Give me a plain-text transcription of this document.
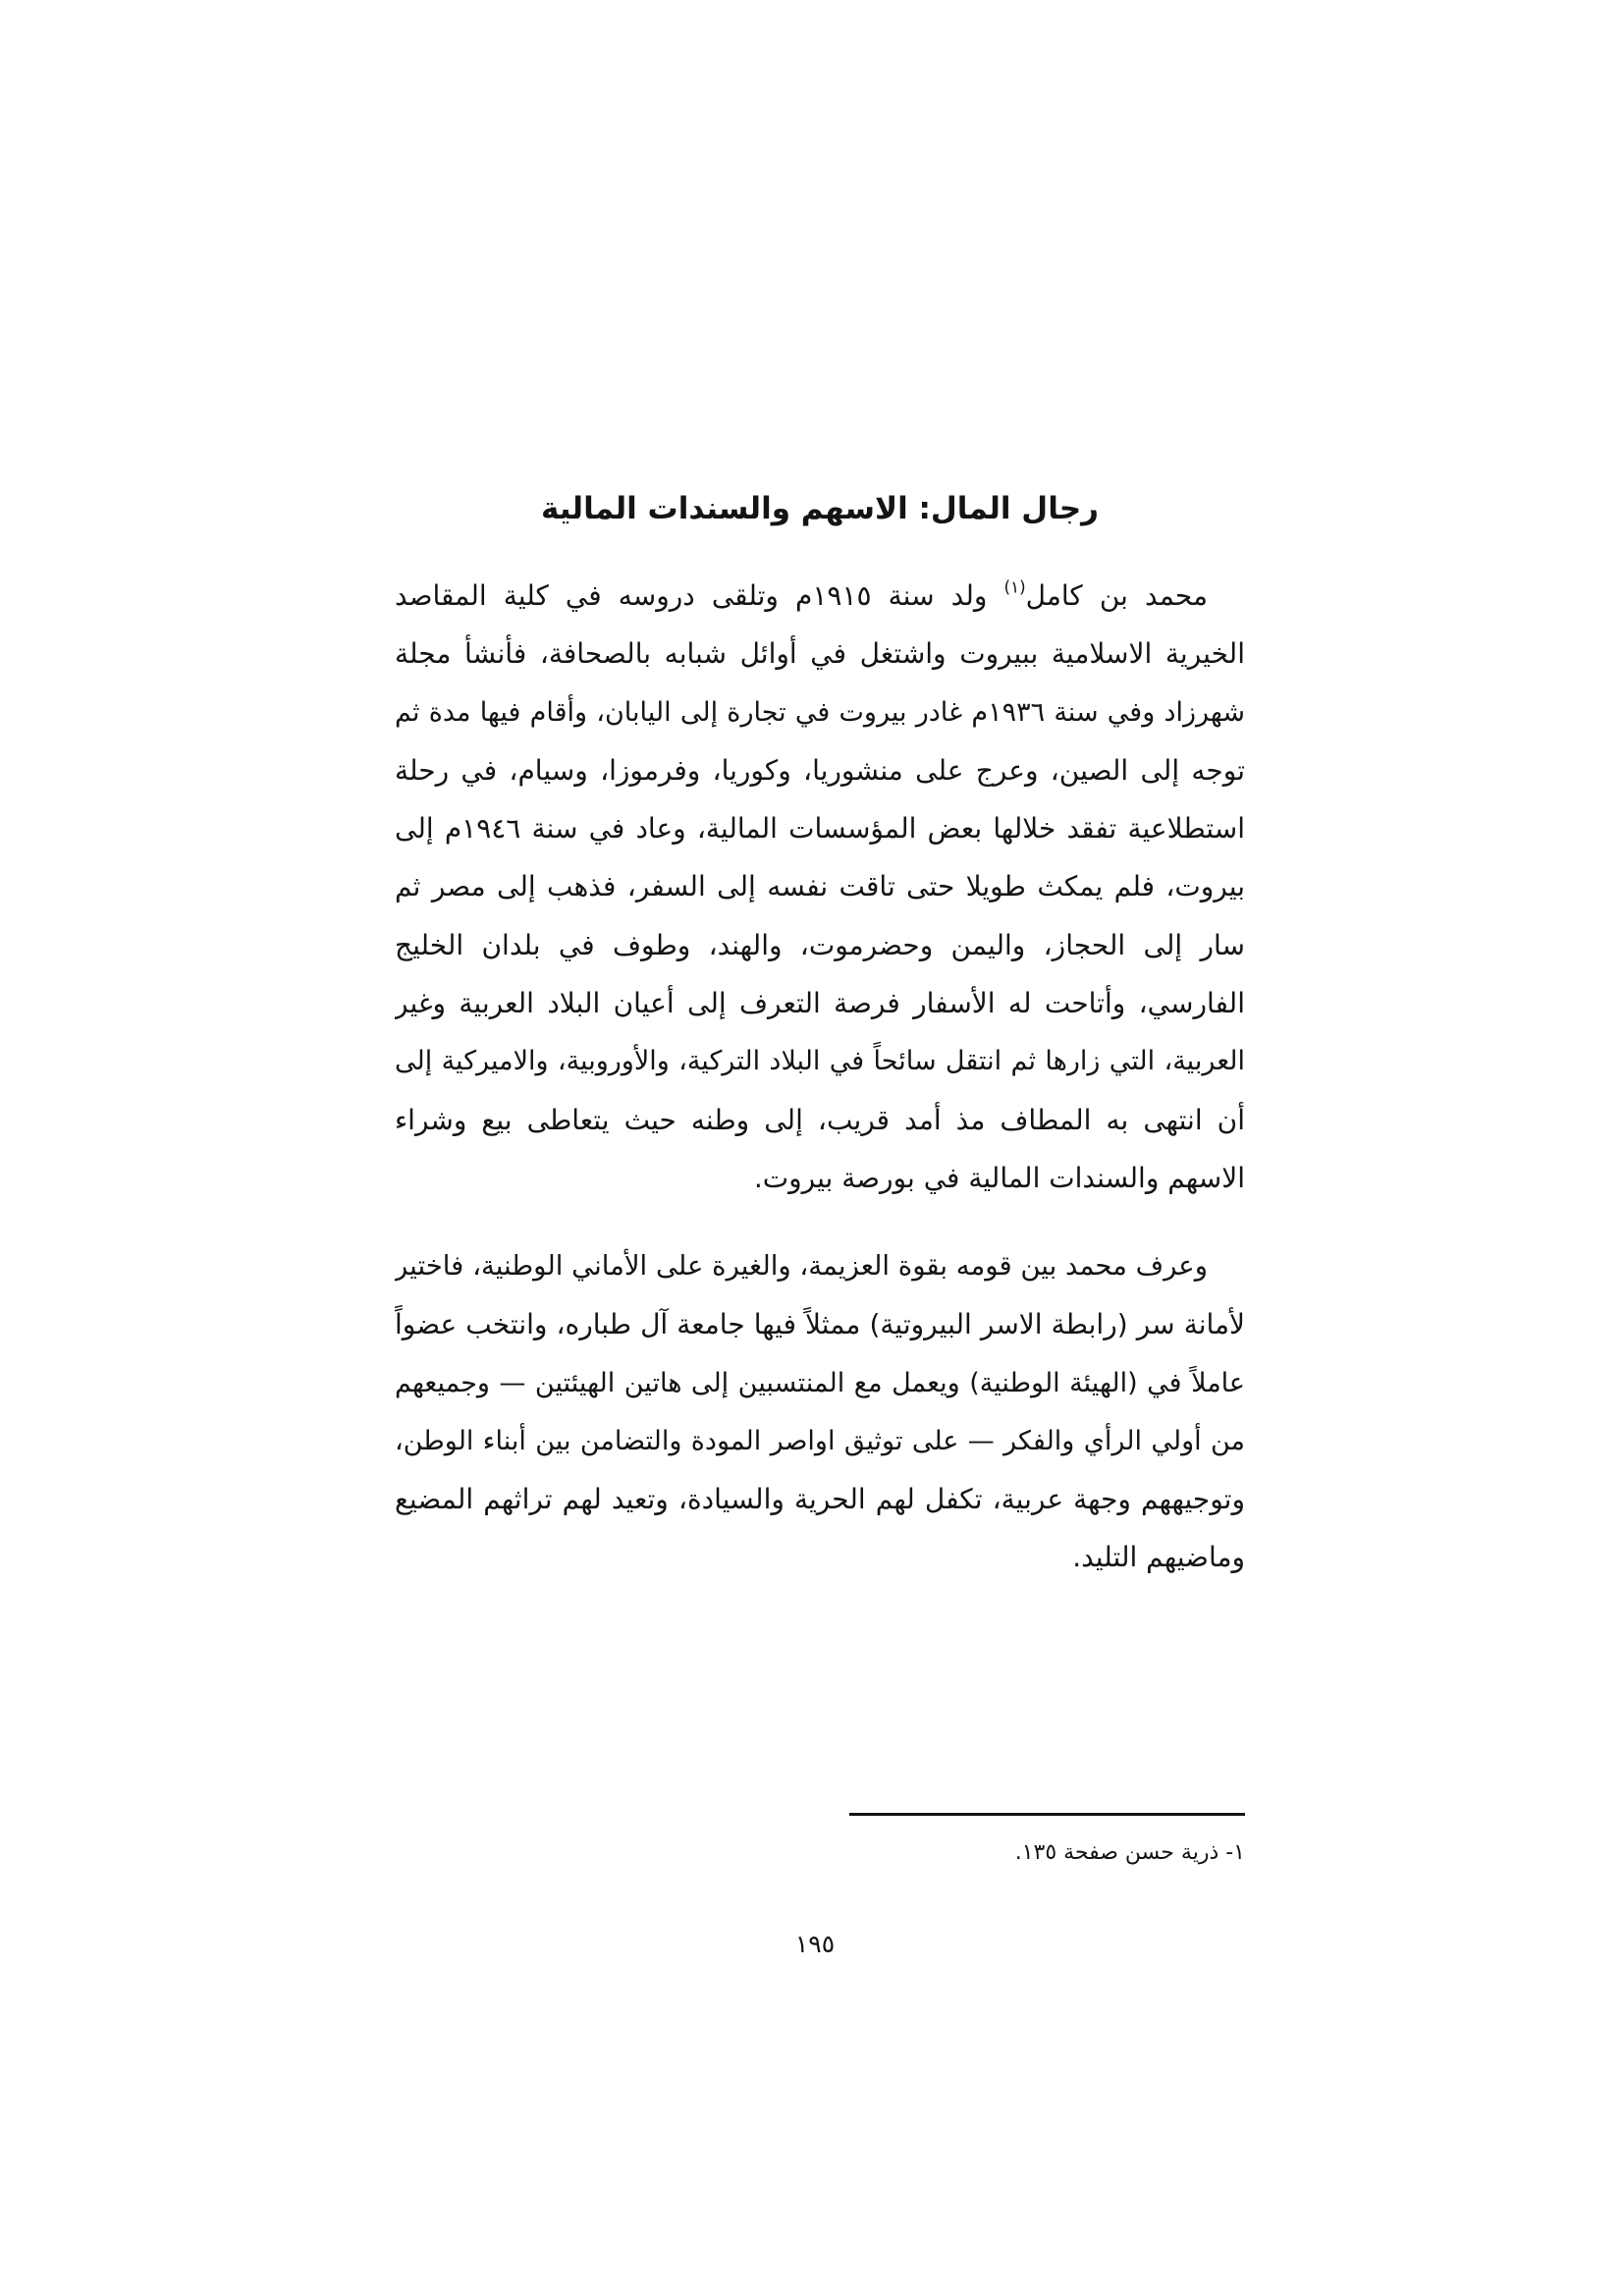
رجال المال: الاسهم والسندات المالية
محمد بن كامل$^{(١)}$ ولد سنة ١٩١٥م وتلقى دروسه في كلية المقاصد
الخيرية الاسلامية ببيروت واشتغل في أوائل شبابه بالصحافة، فأنشأ مجلة
شهرزاد وفي سنة ١٩٣٦م غادر بيروت في تجارة إلى اليابان، وأقام فيها مدة ثم
توجه إلى الصين، وعرج على منشوريا، وكوريا، وفرموزا، وسيام، في رحلة
استطلاعية تفقد خلالها بعض المؤسسات المالية، وعاد في سنة ١٩٤٦م إلى
بيروت، فلم يمكث طويلا حتى تاقت نفسه إلى السفر، فذهب إلى مصر ثم
سار إلى الحجاز، واليمن وحضرموت، والهند، وطوف في بلدان الخليج
الفارسي، وأتاحت له الأسفار فرصة التعرف إلى أعيان البلاد العربية وغير
العربية، التي زارها ثم انتقل سائحاً في البلاد التركية، والأوروبية، والاميركية إلى
أن انتهى به المطاف مذ أمد قريب، إلى وطنه حيث يتعاطى بيع وشراء
الاسهم والسندات المالية في بورصة بيروت.
وعرف محمد بين قومه بقوة العزيمة، والغيرة على الأماني الوطنية، فاختير
لأمانة سر (رابطة الاسر البيروتية) ممثلاً فيها جامعة آل طباره، وانتخب عضواً
عاملاً في (الهيئة الوطنية) ويعمل مع المنتسبين إلى هاتين الهيئتين — وجميعهم
من أولي الرأي والفكر — على توثيق اواصر المودة والتضامن بين أبناء الوطن،
وتوجيههم وجهة عربية، تكفل لهم الحرية والسيادة، وتعيد لهم تراثهم المضيع
وماضيهم التليد.
١- ذرية حسن صفحة ١٣٥.
١٩٥
